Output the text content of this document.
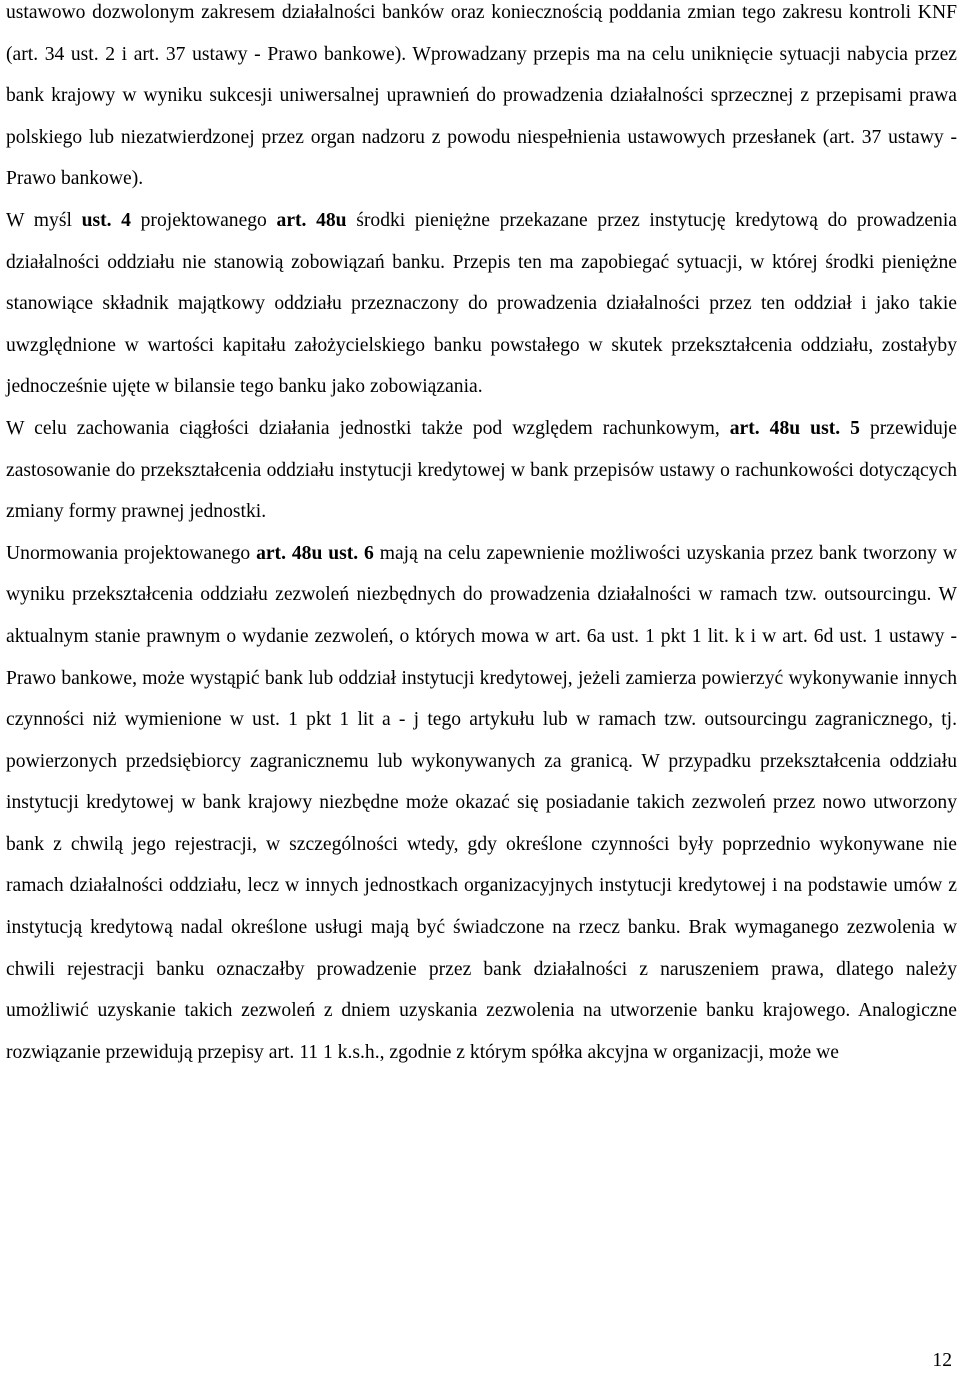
ustawowo dozwolonym zakresem działalności banków oraz koniecznością poddania zmian tego zakresu kontroli KNF (art. 34 ust. 2 i art. 37 ustawy - Prawo bankowe). Wprowadzany przepis ma na celu uniknięcie sytuacji nabycia przez bank krajowy w wyniku sukcesji uniwersalnej uprawnień do prowadzenia działalności sprzecznej z przepisami prawa polskiego lub niezatwierdzonej przez organ nadzoru z powodu niespełnienia ustawowych przesłanek (art. 37 ustawy - Prawo bankowe).

W myśl ust. 4 projektowanego art. 48u środki pieniężne przekazane przez instytucję kredytową do prowadzenia działalności oddziału nie stanowią zobowiązań banku. Przepis ten ma zapobiegać sytuacji, w której środki pieniężne stanowiące składnik majątkowy oddziału przeznaczony do prowadzenia działalności przez ten oddział i jako takie uwzględnione w wartości kapitału założycielskiego banku powstałego w skutek przekształcenia oddziału, zostałyby jednocześnie ujęte w bilansie tego banku jako zobowiązania.

W celu zachowania ciągłości działania jednostki także pod względem rachunkowym, art. 48u ust. 5 przewiduje zastosowanie do przekształcenia oddziału instytucji kredytowej w bank przepisów ustawy o rachunkowości dotyczących zmiany formy prawnej jednostki.

Unormowania projektowanego art. 48u ust. 6 mają na celu zapewnienie możliwości uzyskania przez bank tworzony w wyniku przekształcenia oddziału zezwoleń niezbędnych do prowadzenia działalności w ramach tzw. outsourcingu. W aktualnym stanie prawnym o wydanie zezwoleń, o których mowa w art. 6a ust. 1 pkt 1 lit. k i w art. 6d ust. 1 ustawy - Prawo bankowe, może wystąpić bank lub oddział instytucji kredytowej, jeżeli zamierza powierzyć wykonywanie innych czynności niż wymienione w ust. 1 pkt 1 lit a - j tego artykułu lub w ramach tzw. outsourcingu zagranicznego, tj. powierzonych przedsiębiorcy zagranicznemu lub wykonywanych za granicą. W przypadku przekształcenia oddziału instytucji kredytowej w bank krajowy niezbędne może okazać się posiadanie takich zezwoleń przez nowo utworzony bank z chwilą jego rejestracji, w szczególności wtedy, gdy określone czynności były poprzednio wykonywane nie ramach działalności oddziału, lecz w innych jednostkach organizacyjnych instytucji kredytowej i na podstawie umów z instytucją kredytową nadal określone usługi mają być świadczone na rzecz banku. Brak wymaganego zezwolenia w chwili rejestracji banku oznaczałby prowadzenie przez bank działalności z naruszeniem prawa, dlatego należy umożliwić uzyskanie takich zezwoleń z dniem uzyskania zezwolenia na utworzenie banku krajowego. Analogiczne rozwiązanie przewidują przepisy art. 11 1 k.s.h., zgodnie z którym spółka akcyjna w organizacji, może we

12
